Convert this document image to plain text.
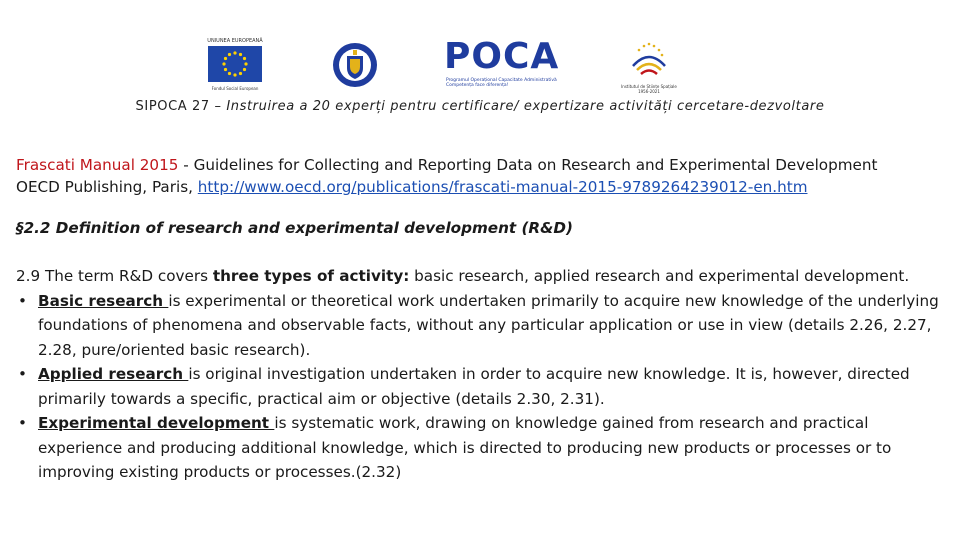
UNIUNEA EUROPEANĂ
Fondul Social European
POCA
Programul Operațional Capacitate Administrativă
Competența face diferența!	Institutul de Științe Spațiale
1956-2021
SIPOCA 27 – Instruirea a 20 experți pentru certificare/ expertizare activități cercetare-dezvoltare
Frascati Manual 2015 - Guidelines for Collecting and Reporting Data on Research and Experimental Development
OECD Publishing, Paris, http://www.oecd.org/publications/frascati-manual-2015-9789264239012-en.htm
§2.2 Definition of research and experimental development (R&D)

2.9 The term R&D covers three types of activity: basic research, applied research and experimental development.

• Basic research is experimental or theoretical work undertaken primarily to acquire new knowledge of the underlying foundations of phenomena and observable facts, without any particular application or use in view (details 2.26, 2.27, 2.28, pure/oriented basic research).
• Applied research is original investigation undertaken in order to acquire new knowledge. It is, however, directed primarily towards a specific, practical aim or objective (details 2.30, 2.31).
• Experimental development is systematic work, drawing on knowledge gained from research and practical experience and producing additional knowledge, which is directed to producing new products or processes or to improving existing products or processes.(2.32)
